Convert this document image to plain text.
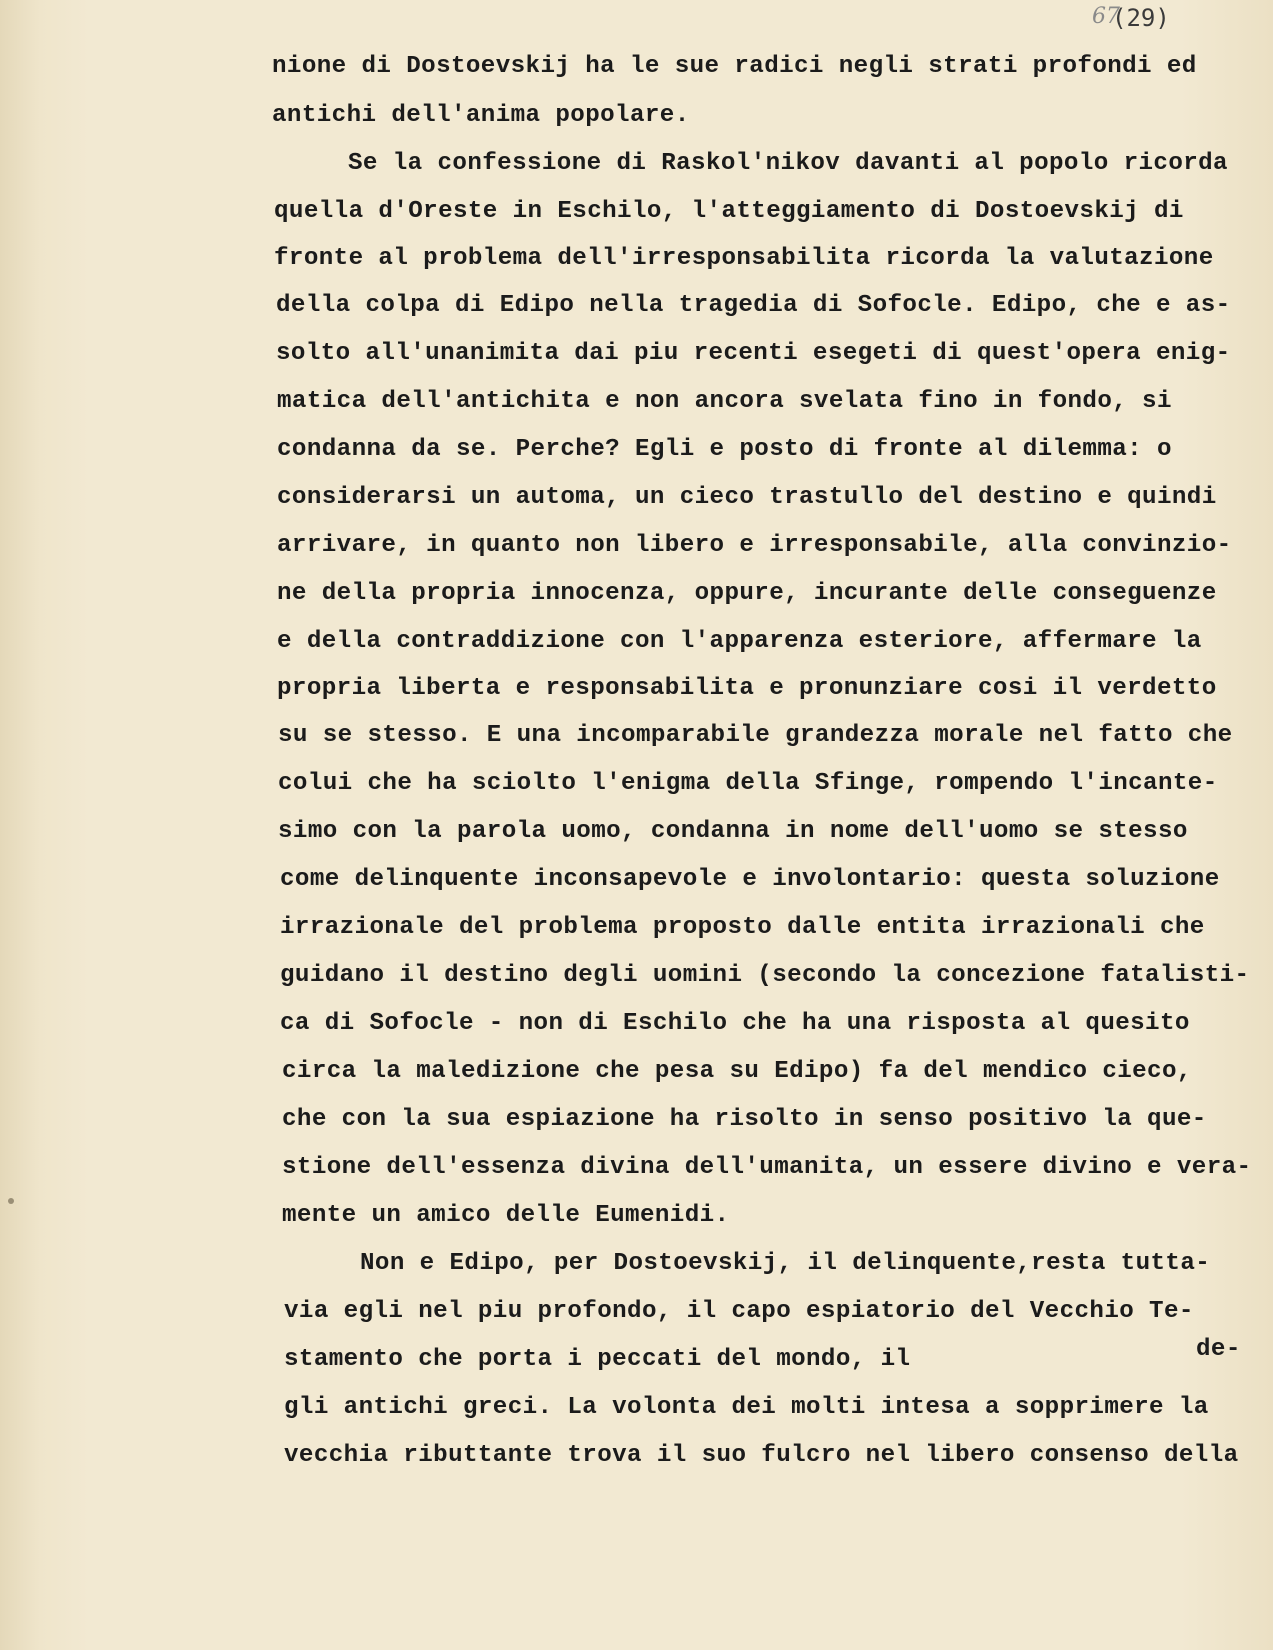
67
(29)
nione di Dostoevskij ha le sue radici negli strati profondi ed
antichi dell'anima popolare.
Se la confessione di Raskol'nikov davanti al popolo ricorda
quella d'Oreste in Eschilo, l'atteggiamento di Dostoevskij di
fronte al problema dell'irresponsabilita ricorda la valutazione
della colpa di Edipo nella tragedia di Sofocle. Edipo, che e as-
solto all'unanimita dai piu recenti esegeti di quest'opera enig-
matica dell'antichita e non ancora svelata fino in fondo, si
condanna da se. Perche? Egli e posto di fronte al dilemma: o
considerarsi un automa, un cieco trastullo del destino e quindi
arrivare, in quanto non libero e irresponsabile, alla convinzio-
ne della propria innocenza, oppure, incurante delle conseguenze
e della contraddizione con l'apparenza esteriore, affermare la
propria liberta e responsabilita e pronunziare cosi il verdetto
su se stesso. E una incomparabile grandezza morale nel fatto che
colui che ha sciolto l'enigma della Sfinge, rompendo l'incante-
simo con la parola uomo, condanna in nome dell'uomo se stesso
come delinquente inconsapevole e involontario: questa soluzione
irrazionale del problema proposto dalle entita irrazionali che
guidano il destino degli uomini (secondo la concezione fatalisti-
ca di Sofocle - non di Eschilo che ha una risposta al quesito
circa la maledizione che pesa su Edipo) fa del mendico cieco,
che con la sua espiazione ha risolto in senso positivo la que-
stione dell'essenza divina dell'umanita, un essere divino e vera-
mente un amico delle Eumenidi.
Non e Edipo, per Dostoevskij, il delinquente,resta tutta-
via egli nel piu profondo, il capo espiatorio del Vecchio Te-
stamento che porta i peccati del mondo, il	de-
gli antichi greci. La volonta dei molti intesa a sopprimere la
vecchia ributtante trova il suo fulcro nel libero consenso della
